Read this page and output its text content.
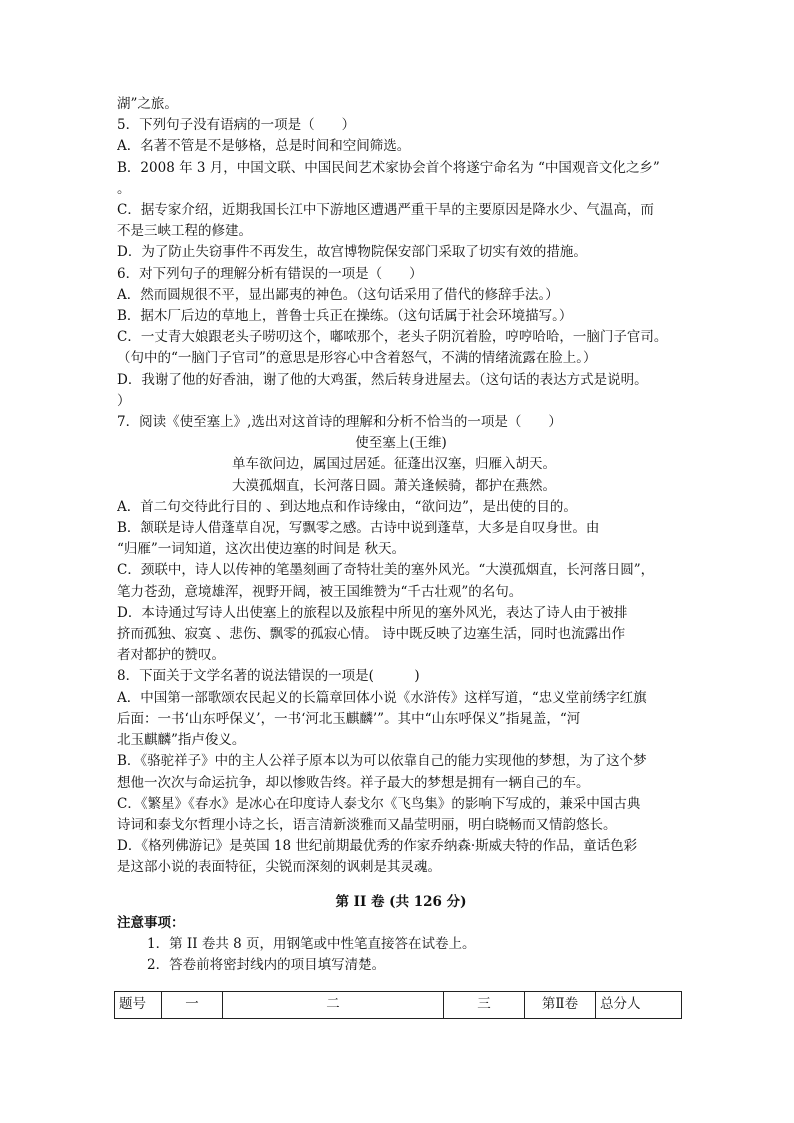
湖”之旅。
5．下列句子没有语病的一项是（　　）
A．名著不管是不是够格，总是时间和空间筛选。
B．2008 年 3 月，中国文联、中国民间艺术家协会首个将遂宁命名为 “中国观音文化之乡”
。
C．据专家介绍，近期我国长江中下游地区遭遇严重干旱的主要原因是降水少、气温高，而
不是三峡工程的修建。
D．为了防止失窃事件不再发生，故宫博物院保安部门采取了切实有效的措施。
6．对下列句子的理解分析有错误的一项是（　　）
A．然而圆规很不平，显出鄙夷的神色。（这句话采用了借代的修辞手法。）
B．据木厂后边的草地上，普鲁士兵正在操练。（这句话属于社会环境描写。）
C．一丈青大娘跟老头子唠叨这个，嘟哝那个，老头子阴沉着脸，哼哼哈哈，一脑门子官司。
（句中的“一脑门子官司”的意思是形容心中含着怒气，不满的情绪流露在脸上。）
D．我谢了他的好香油，谢了他的大鸡蛋，然后转身进屋去。（这句话的表达方式是说明。
）
7．阅读《使至塞上》,选出对这首诗的理解和分析不恰当的一项是（　　）
使至塞上(王维)
单车欲问边，属国过居延。征蓬出汉塞，归雁入胡天。
大漠孤烟直，长河落日圆。萧关逢候骑，都护在燕然。
A．首二句交待此行目的 、到达地点和作诗缘由，“欲问边”，是出使的目的。
B．颔联是诗人借蓬草自况，写飘零之感。古诗中说到蓬草，大多是自叹身世。由
“归雁”一词知道，这次出使边塞的时间是 秋天。
C．颈联中，诗人以传神的笔墨刻画了奇特壮美的塞外风光。“大漠孤烟直，长河落日圆”，
笔力苍劲，意境雄浑，视野开阔，被王国维赞为“千古壮观”的名句。
D．本诗通过写诗人出使塞上的旅程以及旅程中所见的塞外风光，表达了诗人由于被排
挤而孤独、寂寞 、悲伤、飘零的孤寂心情。 诗中既反映了边塞生活，同时也流露出作
者对都护的赞叹。
8．下面关于文学名著的说法错误的一项是(　　　)
A．中国第一部歌颂农民起义的长篇章回体小说《水浒传》这样写道，“忠义堂前绣字红旗
后面：一书‘山东呼保义’，一书‘河北玉麒麟’”。其中“山东呼保义”指晁盖，“河
北玉麒麟”指卢俊义。
B．《骆驼祥子》中的主人公祥子原本以为可以依靠自己的能力实现他的梦想，为了这个梦
想他一次次与命运抗争，却以惨败告终。祥子最大的梦想是拥有一辆自己的车。
C．《繁星》《春水》是冰心在印度诗人泰戈尔《飞鸟集》的影响下写成的，兼采中国古典
诗词和泰戈尔哲理小诗之长，语言清新淡雅而又晶莹明丽，明白晓畅而又情韵悠长。
D．《格列佛游记》是英国 18 世纪前期最优秀的作家乔纳森·斯威夫特的作品，童话色彩
是这部小说的表面特征，尖锐而深刻的讽刺是其灵魂。
第 II 卷 (共 126 分)
注意事项：
1．第 II 卷共 8 页，用钢笔或中性笔直接答在试卷上。
2．答卷前将密封线内的项目填写清楚。
题号	一	二	三	第Ⅱ卷	总分人
